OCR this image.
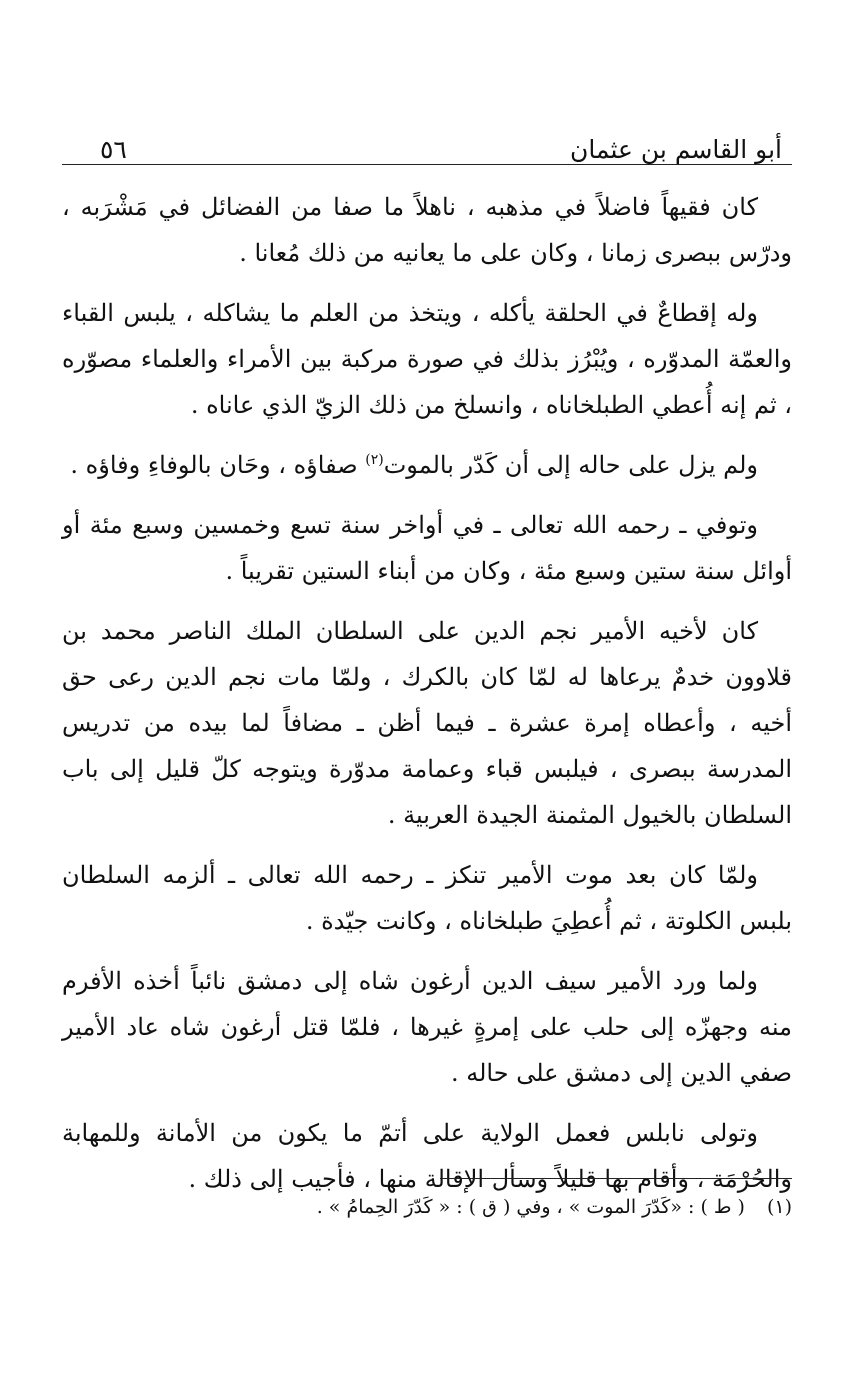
أبو القاسم بن عثمان
٥٦

كان فقيهاً فاضلاً في مذهبه ، ناهلاً ما صفا من الفضائل في مَشْرَبه ، ودرّس ببصرى زمانا ، وكان على ما يعانيه من ذلك مُعانا .

وله إقطاعٌ في الحلقة يأكله ، ويتخذ من العلم ما يشاكله ، يلبس القباء والعمّة المدوّره ، ويُبْرُز بذلك في صورة مركبة بين الأمراء والعلماء مصوّره ، ثم إنه أُعطي الطبلخاناه ، وانسلخ من ذلك الزيّ الذي عاناه .

ولم يزل على حاله إلى أن كَدّر بالموت$^{(٢)}$ صفاؤه ، وحَان بالوفاءِ وفاؤه .

وتوفي ـ رحمه الله تعالى ـ في أواخر سنة تسع وخمسين وسبع مئة أو أوائل سنة ستين وسبع مئة ، وكان من أبناء الستين تقريباً .

كان لأخيه الأمير نجم الدين على السلطان الملك الناصر محمد بن قلاوون خدمٌ يرعاها له لمّا كان بالكرك ، ولمّا مات نجم الدين رعى حق أخيه ، وأعطاه إمرة عشرة ـ فيما أظن ـ مضافاً لما بيده من تدريس المدرسة ببصرى ، فيلبس قباء وعمامة مدوّرة ويتوجه كلّ قليل إلى باب السلطان بالخيول المثمنة الجيدة العربية .

ولمّا كان بعد موت الأمير تنكز ـ رحمه الله تعالى ـ ألزمه السلطان بلبس الكلوتة ، ثم أُعطِيَ طبلخاناه ، وكانت جيّدة .

ولما ورد الأمير سيف الدين أرغون شاه إلى دمشق نائباً أخذه الأفرم منه وجهزّه إلى حلب على إمرةٍ غيرها ، فلمّا قتل أرغون شاه عاد الأمير صفي الدين إلى دمشق على حاله .

وتولى نابلس فعمل الولاية على أتمّ ما يكون من الأمانة وللمهابة والحُرْمَة ، وأقام بها قليلاً وسأل الإقالة منها ، فأجيب إلى ذلك .

(١)( ط ) : «كَدّرَ الموت » ، وفي ( ق ) : « كَدّرَ الحِمامُ » .
